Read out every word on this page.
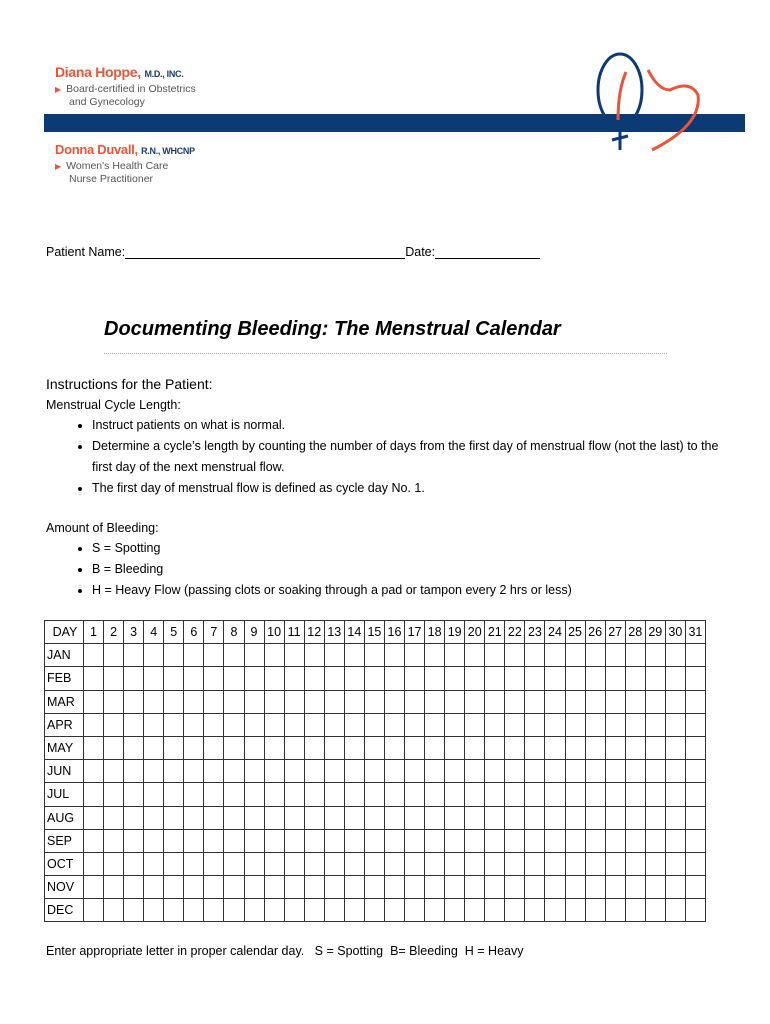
Diana Hoppe, M.D., INC.
▶ Board-certified in Obstetrics
and Gynecology
Donna Duvall, R.N., WHCNP
▶ Women's Health Care
Nurse Practitioner
Patient Name:	Date:
Documenting Bleeding: The Menstrual Calendar
Instructions for the Patient:
Menstrual Cycle Length:
• Instruct patients on what is normal.
• Determine a cycle’s length by counting the number of days from the first day of menstrual flow (not the last) to the first day of the next menstrual flow.
• The first day of menstrual flow is defined as cycle day No. 1.
Amount of Bleeding:
• S = Spotting
• B = Bleeding
• H = Heavy Flow (passing clots or soaking through a pad or tampon every 2 hrs or less)
DAY	1	2	3	4	5	6	7	8	9	10	11	12	13	14	15	16	17	18	19	20	21	22	23	24	25	26	27	28	29	30	31
JAN																															
FEB																															
MAR																															
APR																															
MAY																															
JUN																															
JUL																															
AUG																															
SEP																															
OCT																															
NOV																															
DEC																															
Enter appropriate letter in proper calendar day.   S = Spotting  B= Bleeding  H = Heavy
